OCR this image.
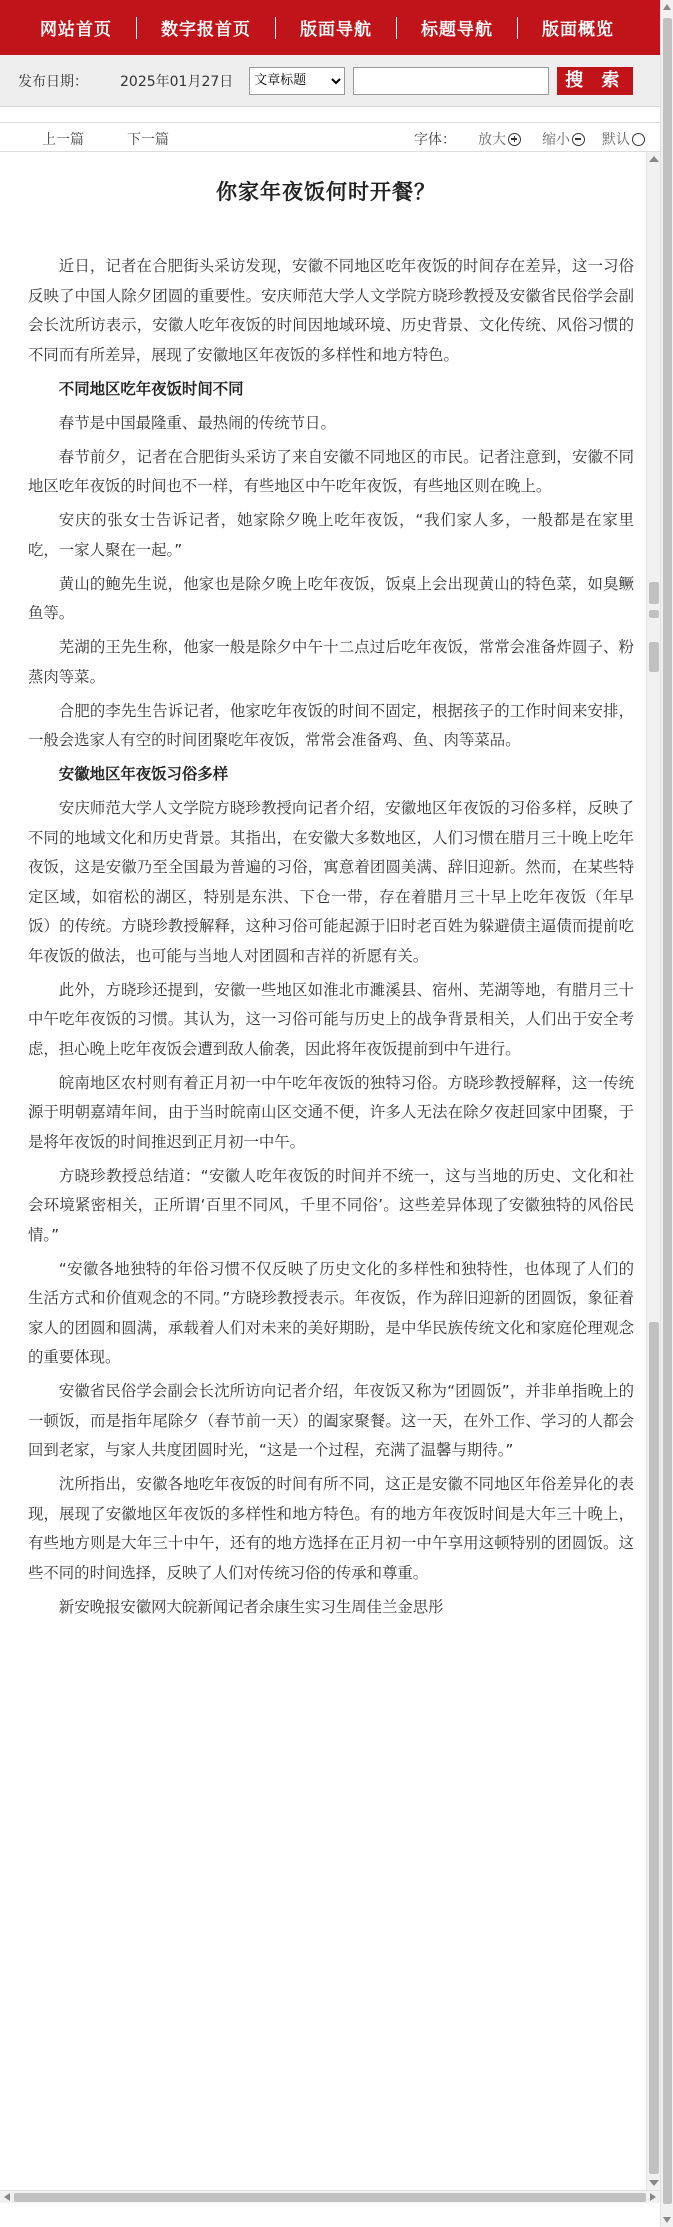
网站首页	数字报首页	版面导航	标题导航	版面概览
发布日期： 2025年01月27日
文章标题	搜 索
上一篇	下一篇	字体： 放大	缩小 默认
你家年夜饭何时开餐？

近日，记者在合肥街头采访发现，安徽不同地区吃年夜饭的时间存在差异，这一习俗反映了中国人除夕团圆的重要性。安庆师范大学人文学院方晓珍教授及安徽省民俗学会副会长沈所访表示，安徽人吃年夜饭的时间因地域环境、历史背景、文化传统、风俗习惯的不同而有所差异，展现了安徽地区年夜饭的多样性和地方特色。

不同地区吃年夜饭时间不同

春节是中国最隆重、最热闹的传统节日。

春节前夕，记者在合肥街头采访了来自安徽不同地区的市民。记者注意到，安徽不同地区吃年夜饭的时间也不一样，有些地区中午吃年夜饭，有些地区则在晚上。

安庆的张女士告诉记者，她家除夕晚上吃年夜饭，“我们家人多，一般都是在家里吃，一家人聚在一起。”

黄山的鲍先生说，他家也是除夕晚上吃年夜饭，饭桌上会出现黄山的特色菜，如臭鳜鱼等。

芜湖的王先生称，他家一般是除夕中午十二点过后吃年夜饭，常常会准备炸圆子、粉蒸肉等菜。

合肥的李先生告诉记者，他家吃年夜饭的时间不固定，根据孩子的工作时间来安排，一般会选家人有空的时间团聚吃年夜饭，常常会准备鸡、鱼、肉等菜品。

安徽地区年夜饭习俗多样

安庆师范大学人文学院方晓珍教授向记者介绍，安徽地区年夜饭的习俗多样，反映了不同的地域文化和历史背景。其指出，在安徽大多数地区，人们习惯在腊月三十晚上吃年夜饭，这是安徽乃至全国最为普遍的习俗，寓意着团圆美满、辞旧迎新。然而，在某些特定区域，如宿松的湖区，特别是东洪、下仓一带，存在着腊月三十早上吃年夜饭（年早饭）的传统。方晓珍教授解释，这种习俗可能起源于旧时老百姓为躲避债主逼债而提前吃年夜饭的做法，也可能与当地人对团圆和吉祥的祈愿有关。

此外，方晓珍还提到，安徽一些地区如淮北市濉溪县、宿州、芜湖等地，有腊月三十中午吃年夜饭的习惯。其认为，这一习俗可能与历史上的战争背景相关，人们出于安全考虑，担心晚上吃年夜饭会遭到敌人偷袭，因此将年夜饭提前到中午进行。

皖南地区农村则有着正月初一中午吃年夜饭的独特习俗。方晓珍教授解释，这一传统源于明朝嘉靖年间，由于当时皖南山区交通不便，许多人无法在除夕夜赶回家中团聚，于是将年夜饭的时间推迟到正月初一中午。

方晓珍教授总结道：“安徽人吃年夜饭的时间并不统一，这与当地的历史、文化和社会环境紧密相关，正所谓‘百里不同风，千里不同俗’。这些差异体现了安徽独特的风俗民情。”

“安徽各地独特的年俗习惯不仅反映了历史文化的多样性和独特性，也体现了人们的生活方式和价值观念的不同。”方晓珍教授表示。年夜饭，作为辞旧迎新的团圆饭，象征着家人的团圆和圆满，承载着人们对未来的美好期盼，是中华民族传统文化和家庭伦理观念的重要体现。

安徽省民俗学会副会长沈所访向记者介绍，年夜饭又称为“团圆饭”，并非单指晚上的一顿饭，而是指年尾除夕（春节前一天）的阖家聚餐。这一天，在外工作、学习的人都会回到老家，与家人共度团圆时光，“这是一个过程，充满了温馨与期待。”

沈所指出，安徽各地吃年夜饭的时间有所不同，这正是安徽不同地区年俗差异化的表现，展现了安徽地区年夜饭的多样性和地方特色。有的地方年夜饭时间是大年三十晚上，有些地方则是大年三十中午，还有的地方选择在正月初一中午享用这顿特别的团圆饭。这些不同的时间选择，反映了人们对传统习俗的传承和尊重。

新安晚报安徽网大皖新闻记者余康生实习生周佳兰金思彤
